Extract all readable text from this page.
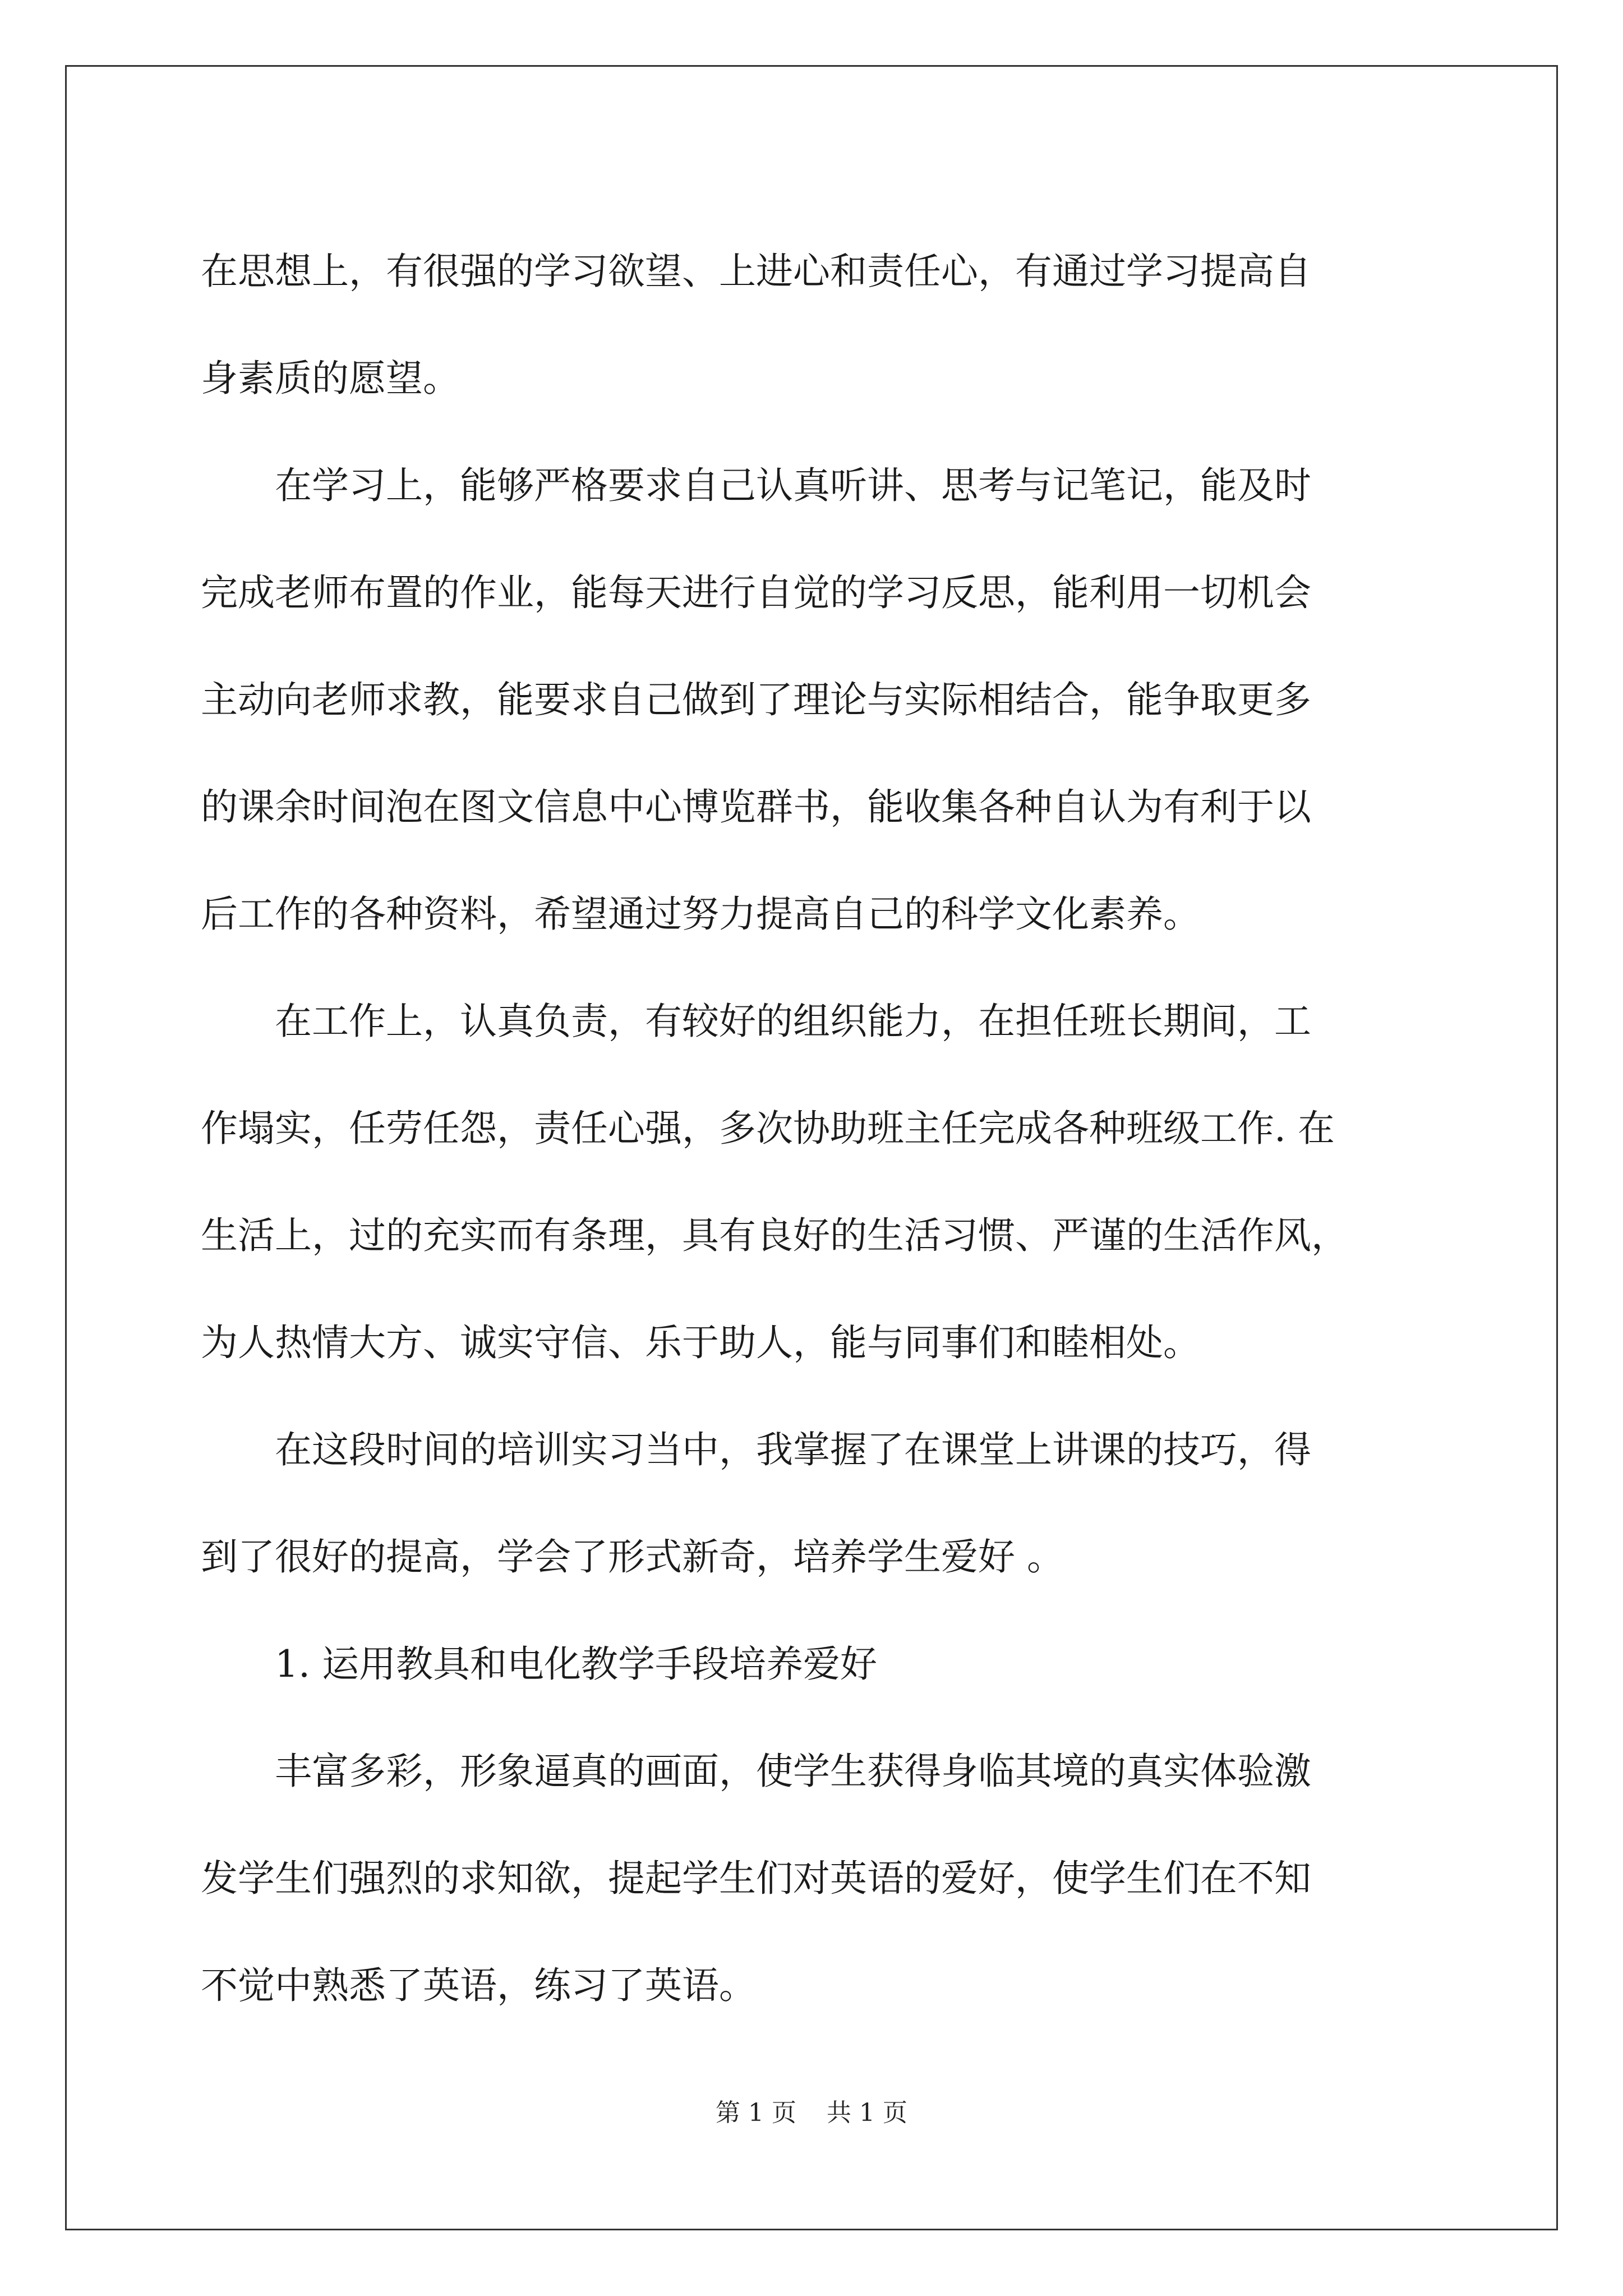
在思想上，有很强的学习欲望、上进心和责任心，有通过学习提高自
身素质的愿望。
　　在学习上，能够严格要求自己认真听讲、思考与记笔记，能及时
完成老师布置的作业，能每天进行自觉的学习反思，能利用一切机会
主动向老师求教，能要求自己做到了理论与实际相结合，能争取更多
的课余时间泡在图文信息中心博览群书，能收集各种自认为有利于以
后工作的各种资料，希望通过努力提高自己的科学文化素养。
　　在工作上，认真负责，有较好的组织能力，在担任班长期间，工
作塌实，任劳任怨，责任心强，多次协助班主任完成各种班级工作. 在
生活上，过的充实而有条理，具有良好的生活习惯、严谨的生活作风，
为人热情大方、诚实守信、乐于助人，能与同事们和睦相处。
　　在这段时间的培训实习当中，我掌握了在课堂上讲课的技巧，得
到了很好的提高，学会了形式新奇，培养学生爱好 。
　　1. 运用教具和电化教学手段培养爱好
　　丰富多彩，形象逼真的画面，使学生获得身临其境的真实体验激
发学生们强烈的求知欲，提起学生们对英语的爱好，使学生们在不知
不觉中熟悉了英语，练习了英语。
第 1 页 共 1 页
